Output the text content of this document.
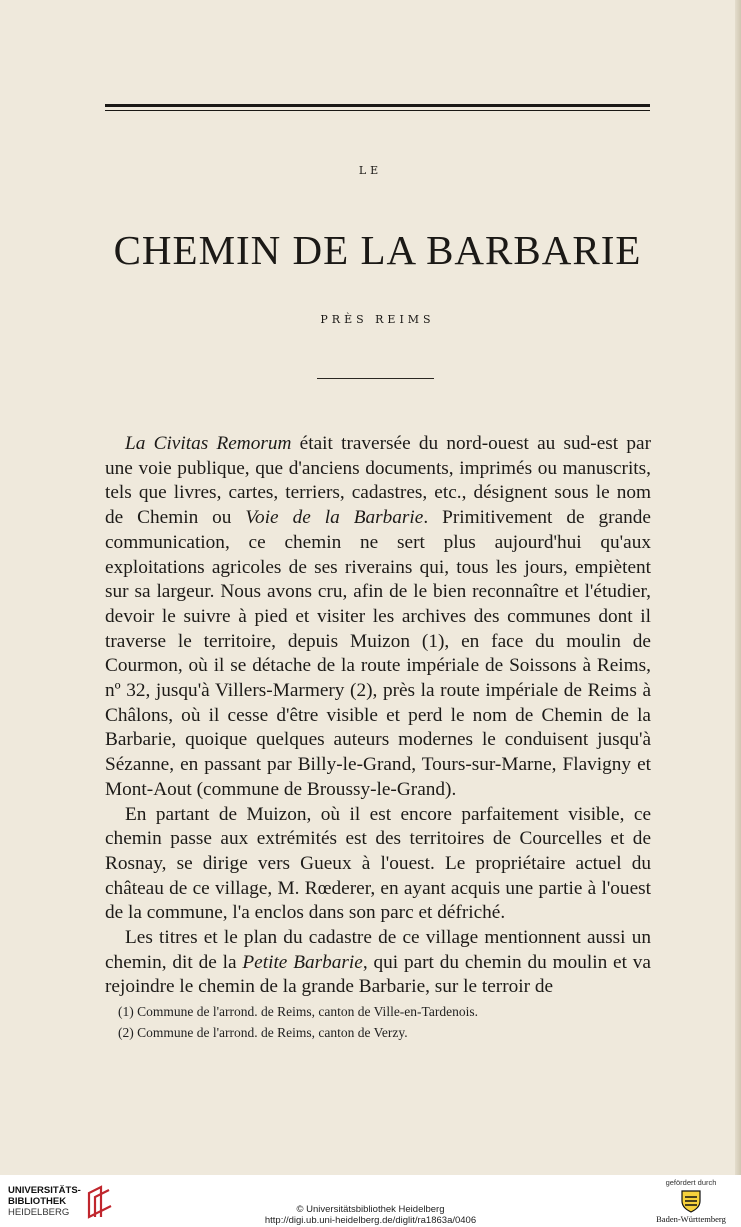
LE
CHEMIN DE LA BARBARIE
PRÈS REIMS

La Civitas Remorum était traversée du nord-ouest au sud-est par une voie publique, que d'anciens documents, imprimés ou manuscrits, tels que livres, cartes, terriers, cadastres, etc., désignent sous le nom de Chemin ou Voie de la Barbarie. Primitivement de grande communication, ce chemin ne sert plus aujourd'hui qu'aux exploitations agricoles de ses riverains qui, tous les jours, empiètent sur sa largeur. Nous avons cru, afin de le bien reconnaître et l'étudier, devoir le suivre à pied et visiter les archives des communes dont il traverse le territoire, depuis Muizon (1), en face du moulin de Courmon, où il se détache de la route impériale de Soissons à Reims, nº 32, jusqu'à Villers-Marmery (2), près la route impériale de Reims à Châlons, où il cesse d'être visible et perd le nom de Chemin de la Barbarie, quoique quelques auteurs modernes le conduisent jusqu'à Sézanne, en passant par Billy-le-Grand, Tours-sur-Marne, Flavigny et Mont-Aout (commune de Broussy-le-Grand).

En partant de Muizon, où il est encore parfaitement visible, ce chemin passe aux extrémités est des territoires de Courcelles et de Rosnay, se dirige vers Gueux à l'ouest. Le propriétaire actuel du château de ce village, M. Rœderer, en ayant acquis une partie à l'ouest de la commune, l'a enclos dans son parc et défriché.

Les titres et le plan du cadastre de ce village mentionnent aussi un chemin, dit de la Petite Barbarie, qui part du chemin du moulin et va rejoindre le chemin de la grande Barbarie, sur le terroir de

(1) Commune de l'arrond. de Reims, canton de Ville-en-Tardenois.
(2) Commune de l'arrond. de Reims, canton de Verzy.
UNIVERSITÄTS-
BIBLIOTHEK
HEIDELBERG	© Universitätsbibliothek Heidelberg
http://digi.ub.uni-heidelberg.de/diglit/ra1863a/0406
gefördert durch
Baden-Württemberg
